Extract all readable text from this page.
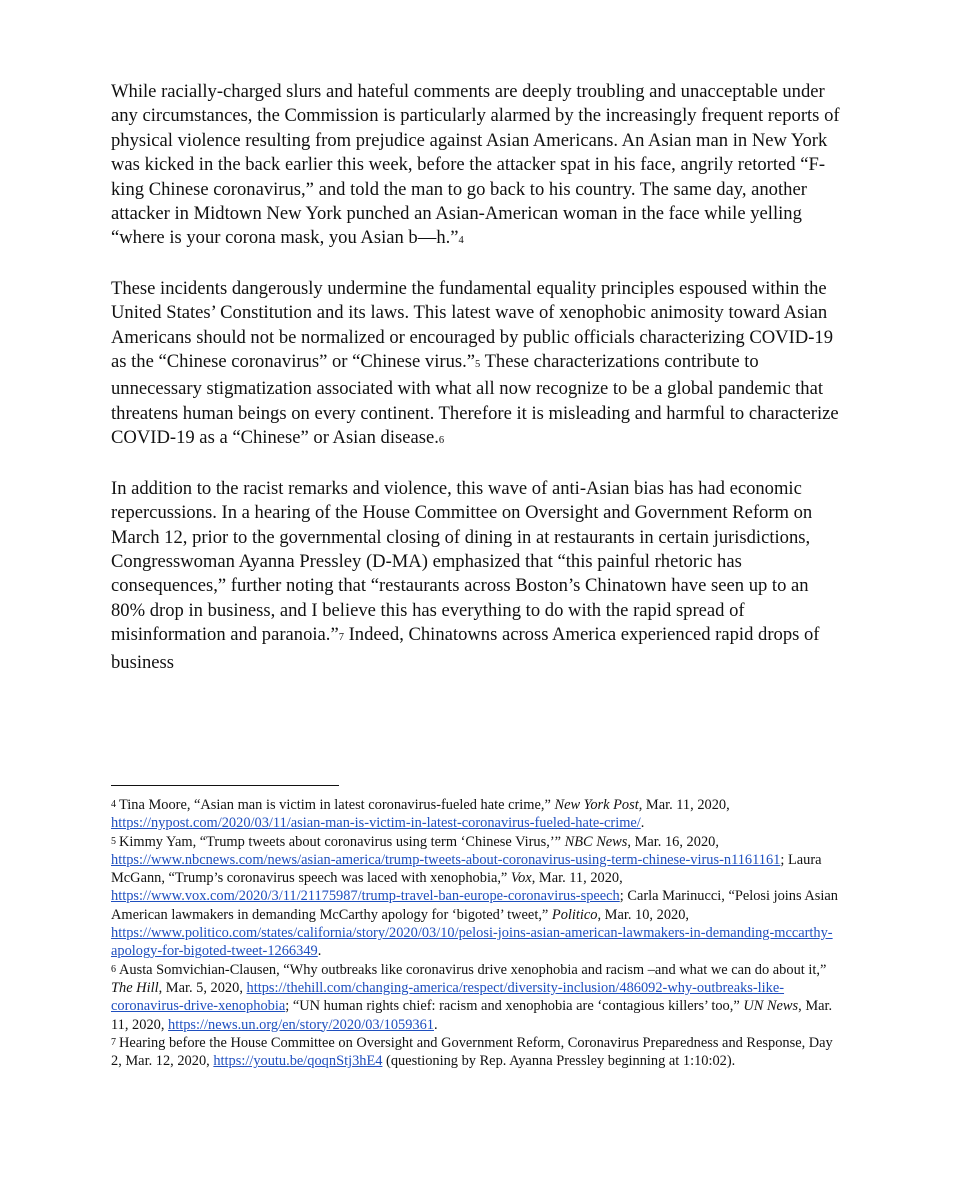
While racially-charged slurs and hateful comments are deeply troubling and unacceptable under any circumstances, the Commission is particularly alarmed by the increasingly frequent reports of physical violence resulting from prejudice against Asian Americans. An Asian man in New York was kicked in the back earlier this week, before the attacker spat in his face, angrily retorted “F-king Chinese coronavirus,” and told the man to go back to his country. The same day, another attacker in Midtown New York punched an Asian-American woman in the face while yelling “where is your corona mask, you Asian b—h.”4

These incidents dangerously undermine the fundamental equality principles espoused within the United States’ Constitution and its laws. This latest wave of xenophobic animosity toward Asian Americans should not be normalized or encouraged by public officials characterizing COVID-19 as the “Chinese coronavirus” or “Chinese virus.”5 These characterizations contribute to unnecessary stigmatization associated with what all now recognize to be a global pandemic that threatens human beings on every continent. Therefore it is misleading and harmful to characterize COVID-19 as a “Chinese” or Asian disease.6

In addition to the racist remarks and violence, this wave of anti-Asian bias has had economic repercussions. In a hearing of the House Committee on Oversight and Government Reform on March 12, prior to the governmental closing of dining in at restaurants in certain jurisdictions, Congresswoman Ayanna Pressley (D-MA) emphasized that “this painful rhetoric has consequences,” further noting that “restaurants across Boston’s Chinatown have seen up to an 80% drop in business, and I believe this has everything to do with the rapid spread of misinformation and paranoia.”7 Indeed, Chinatowns across America experienced rapid drops of business

4 Tina Moore, “Asian man is victim in latest coronavirus-fueled hate crime,” New York Post, Mar. 11, 2020, https://nypost.com/2020/03/11/asian-man-is-victim-in-latest-coronavirus-fueled-hate-crime/.

5 Kimmy Yam, “Trump tweets about coronavirus using term ‘Chinese Virus,’” NBC News, Mar. 16, 2020, https://www.nbcnews.com/news/asian-america/trump-tweets-about-coronavirus-using-term-chinese-virus-n1161161; Laura McGann, “Trump’s coronavirus speech was laced with xenophobia,” Vox, Mar. 11, 2020, https://www.vox.com/2020/3/11/21175987/trump-travel-ban-europe-coronavirus-speech; Carla Marinucci, “Pelosi joins Asian American lawmakers in demanding McCarthy apology for ‘bigoted’ tweet,” Politico, Mar. 10, 2020, https://www.politico.com/states/california/story/2020/03/10/pelosi-joins-asian-american-lawmakers-in-demanding-mccarthy-apology-for-bigoted-tweet-1266349.

6 Austa Somvichian-Clausen, “Why outbreaks like coronavirus drive xenophobia and racism –and what we can do about it,” The Hill, Mar. 5, 2020, https://thehill.com/changing-america/respect/diversity-inclusion/486092-why-outbreaks-like-coronavirus-drive-xenophobia; “UN human rights chief: racism and xenophobia are ‘contagious killers’ too,” UN News, Mar. 11, 2020, https://news.un.org/en/story/2020/03/1059361.

7 Hearing before the House Committee on Oversight and Government Reform, Coronavirus Preparedness and Response, Day 2, Mar. 12, 2020, https://youtu.be/qoqnStj3hE4 (questioning by Rep. Ayanna Pressley beginning at 1:10:02).
